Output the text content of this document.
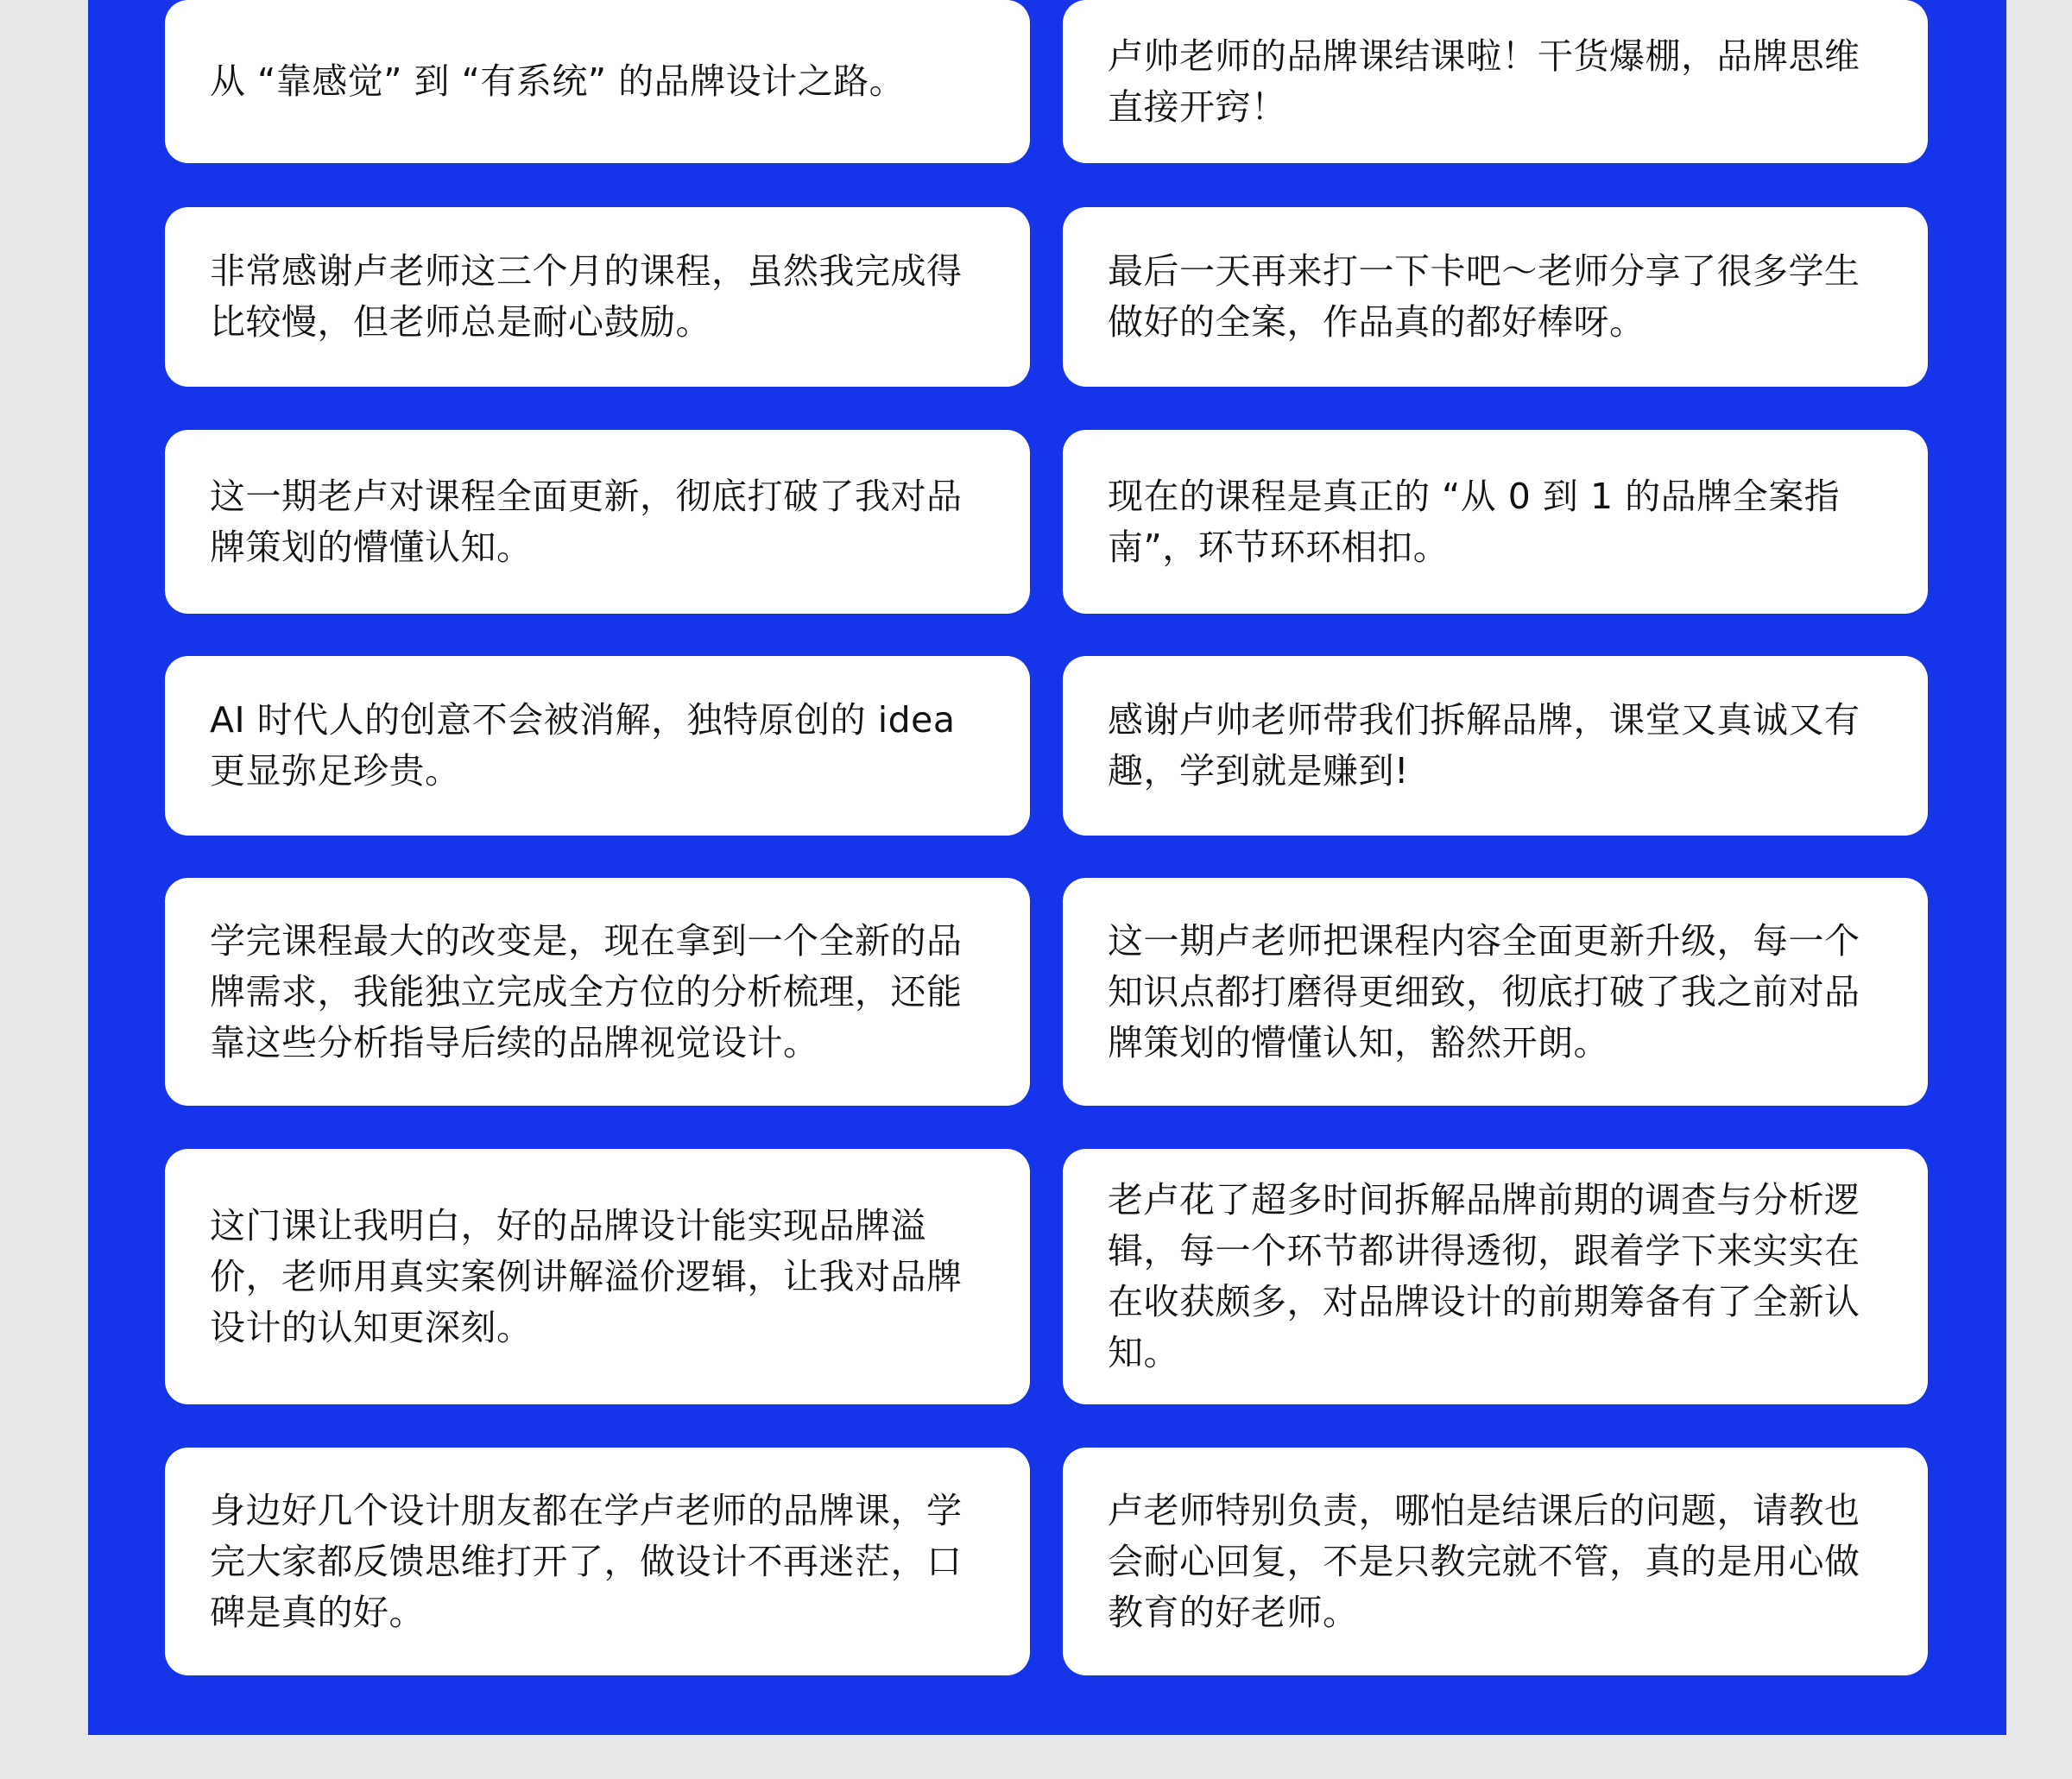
从 “靠感觉” 到 “有系统” 的品牌设计之路。

卢帅老师的品牌课结课啦！干货爆棚，品牌思维直接开窍！

非常感谢卢老师这三个月的课程，虽然我完成得比较慢，但老师总是耐心鼓励。

最后一天再来打一下卡吧～老师分享了很多学生做好的全案，作品真的都好棒呀。

这一期老卢对课程全面更新，彻底打破了我对品牌策划的懵懂认知。

现在的课程是真正的 “从 0 到 1 的品牌全案指南”，环节环环相扣。

AI 时代人的创意不会被消解，独特原创的 idea 更显弥足珍贵。

感谢卢帅老师带我们拆解品牌，课堂又真诚又有趣，学到就是赚到!

学完课程最大的改变是，现在拿到一个全新的品牌需求，我能独立完成全方位的分析梳理，还能靠这些分析指导后续的品牌视觉设计。

这一期卢老师把课程内容全面更新升级，每一个知识点都打磨得更细致，彻底打破了我之前对品牌策划的懵懂认知，豁然开朗。

这门课让我明白，好的品牌设计能实现品牌溢价，老师用真实案例讲解溢价逻辑，让我对品牌设计的认知更深刻。

老卢花了超多时间拆解品牌前期的调查与分析逻辑，每一个环节都讲得透彻，跟着学下来实实在在收获颇多，对品牌设计的前期筹备有了全新认知。

身边好几个设计朋友都在学卢老师的品牌课，学完大家都反馈思维打开了，做设计不再迷茫，口碑是真的好。

卢老师特别负责，哪怕是结课后的问题，请教也会耐心回复，不是只教完就不管，真的是用心做教育的好老师。
